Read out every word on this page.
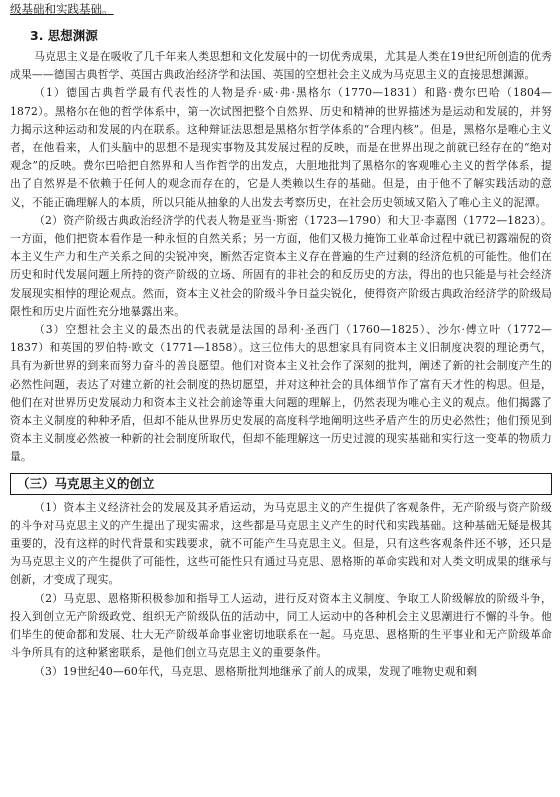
级基础和实践基础。
3. 思想渊源

马克思主义是在吸收了几千年来人类思想和文化发展中的一切优秀成果，尤其是人类在19世纪所创造的优秀成果——德国古典哲学、英国古典政治经济学和法国、英国的空想社会主义成为马克思主义的直接思想渊源。

（1）德国古典哲学最有代表性的人物是乔·威·弗·黑格尔（1770—1831）和路·费尔巴哈（1804—1872）。黑格尔在他的哲学体系中，第一次试图把整个自然界、历史和精神的世界描述为是运动和发展的，并努力揭示这种运动和发展的内在联系。这种辩证法思想是黑格尔哲学体系的“合理内核”。但是，黑格尔是唯心主义者，在他看来，人们头脑中的思想不是现实事物及其发展过程的反映，而是在世界出现之前就已经存在的“绝对观念”的反映。费尔巴哈把自然界和人当作哲学的出发点，大胆地批判了黑格尔的客观唯心主义的哲学体系，提出了自然界是不依赖于任何人的观念而存在的，它是人类赖以生存的基础。但是，由于他不了解实践活动的意义，不能正确理解人的本质，所以只能从抽象的人出发去考察历史，在社会历史领域又陷入了唯心主义的泥潭。

（2）资产阶级古典政治经济学的代表人物是亚当·斯密（1723—1790）和大卫·李嘉图（1772—1823）。一方面，他们把资本看作是一种永恒的自然关系；另一方面，他们又极力掩饰工业革命过程中就已初露端倪的资本主义生产力和生产关系之间的尖锐冲突，断然否定资本主义存在普遍的生产过剩的经济危机的可能性。他们在历史和时代发展问题上所持的资产阶级的立场、所固有的非社会的和反历史的方法，得出的也只能是与社会经济发展现实相悖的理论观点。然而，资本主义社会的阶级斗争日益尖锐化，使得资产阶级古典政治经济学的阶级局限性和历史片面性充分地暴露出来。

（3）空想社会主义的最杰出的代表就是法国的昂利·圣西门（1760—1825）、沙尔·傅立叶（1772—1837）和英国的罗伯特·欧文（1771—1858）。这三位伟大的思想家具有同资本主义旧制度决裂的理论勇气，具有为新世界的到来而努力奋斗的善良愿望。他们对资本主义社会作了深刻的批判，阐述了新的社会制度产生的必然性问题，表达了对建立新的社会制度的热切愿望，并对这种社会的具体细节作了富有天才性的构思。但是，他们在对世界历史发展动力和资本主义社会前途等重大问题的理解上，仍然表现为唯心主义的观点。他们揭露了资本主义制度的种种矛盾，但却不能从世界历史发展的高度科学地阐明这些矛盾产生的历史必然性；他们预见到资本主义制度必然被一种新的社会制度所取代，但却不能理解这一历史过渡的现实基础和实行这一变革的物质力量。

（三）马克思主义的创立

（1）资本主义经济社会的发展及其矛盾运动，为马克思主义的产生提供了客观条件，无产阶级与资产阶级的斗争对马克思主义的产生提出了现实需求，这些都是马克思主义产生的时代和实践基础。这种基础无疑是极其重要的，没有这样的时代背景和实践要求，就不可能产生马克思主义。但是，只有这些客观条件还不够，还只是为马克思主义的产生提供了可能性，这些可能性只有通过马克思、恩格斯的革命实践和对人类文明成果的继承与创新，才变成了现实。

（2）马克思、恩格斯积极参加和指导工人运动，进行反对资本主义制度、争取工人阶级解放的阶级斗争，投入到创立无产阶级政党、组织无产阶级队伍的活动中，同工人运动中的各种机会主义思潮进行不懈的斗争。他们毕生的使命都和发展、壮大无产阶级革命事业密切地联系在一起。马克思、恩格斯的生平事业和无产阶级革命斗争所具有的这种紧密联系，是他们创立马克思主义的重要条件。

（3）19世纪40—60年代，马克思、恩格斯批判地继承了前人的成果，发现了唯物史观和剩
